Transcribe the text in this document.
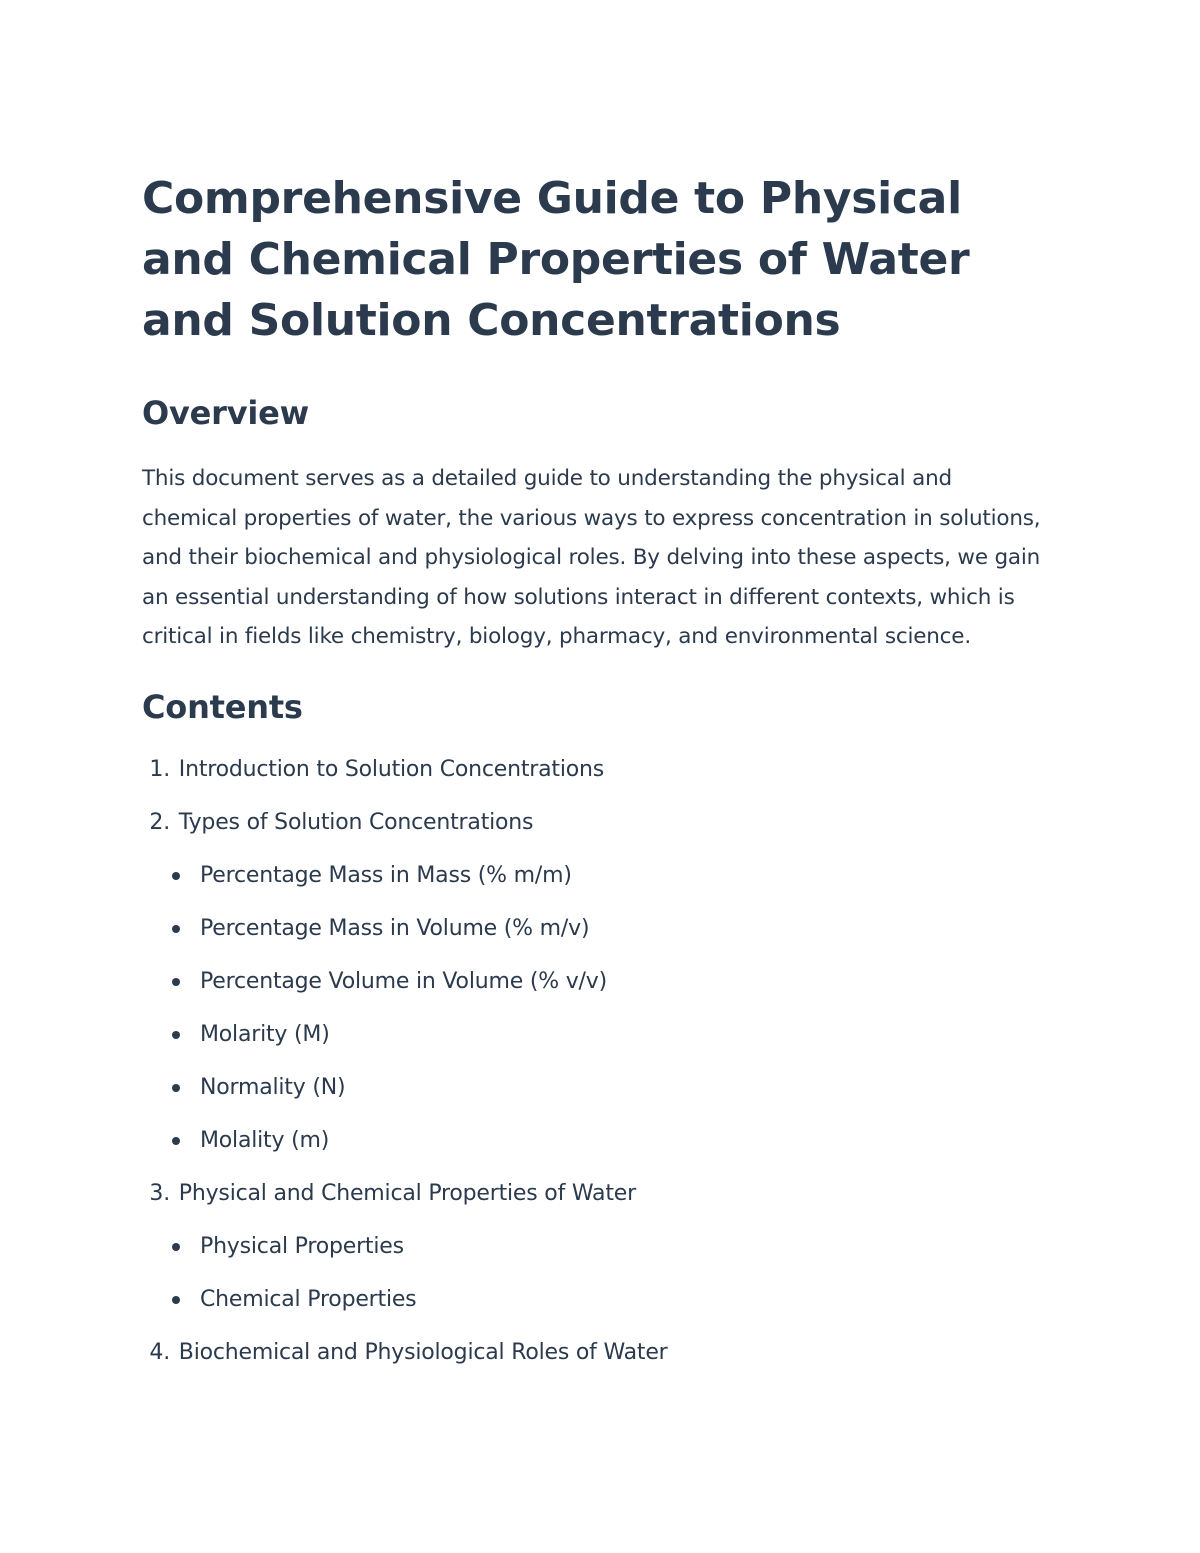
Comprehensive Guide to Physical and Chemical Properties of Water and Solution Concentrations
Overview

This document serves as a detailed guide to understanding the physical and chemical properties of water, the various ways to express concentration in solutions, and their biochemical and physiological roles. By delving into these aspects, we gain an essential understanding of how solutions interact in different contexts, which is critical in fields like chemistry, biology, pharmacy, and environmental science.

Contents
1. Introduction to Solution Concentrations
2. Types of Solution Concentrations
Percentage Mass in Mass (% m/m)
Percentage Mass in Volume (% m/v)
Percentage Volume in Volume (% v/v)
Molarity (M)
Normality (N)
Molality (m)
3. Physical and Chemical Properties of Water
Physical Properties
Chemical Properties
4. Biochemical and Physiological Roles of Water
